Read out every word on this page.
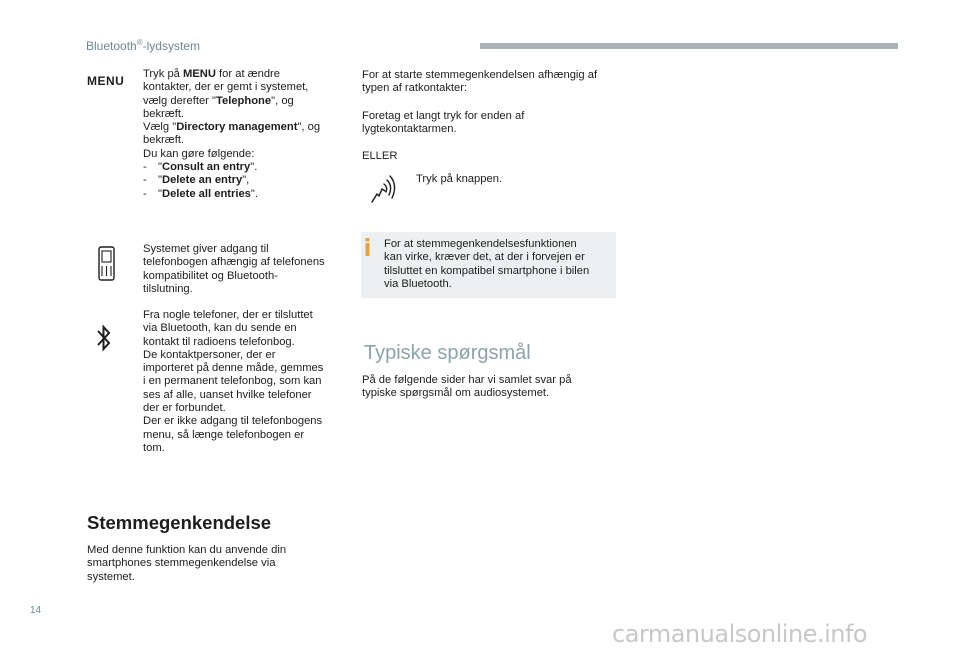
Bluetooth®-lydsystem
MENU Tryk på MENU for at ændre
kontakter, der er gemt i systemet,
vælg derefter "Telephone", og
bekræft.
Vælg "Directory management", og
bekræft.
Du kan gøre følgende:
- "Consult an entry".
- "Delete an entry",
- "Delete all entries".
Systemet giver adgang til
telefonbogen afhængig af telefonens
kompatibilitet og Bluetooth-
tilslutning.
Fra nogle telefoner, der er tilsluttet
via Bluetooth, kan du sende en
kontakt til radioens telefonbog.
De kontaktpersoner, der er
importeret på denne måde, gemmes
i en permanent telefonbog, som kan
ses af alle, uanset hvilke telefoner
der er forbundet.
Der er ikke adgang til telefonbogens
menu, så længe telefonbogen er
tom.
Stemmegenkendelse
Med denne funktion kan du anvende din
smartphones stemmegenkendelse via
systemet.
For at starte stemmegenkendelsen afhængig af
typen af ratkontakter:
Foretag et langt tryk for enden af
lygtekontaktarmen.
ELLER
Tryk på knappen.
For at stemmegenkendelsesfunktionen
kan virke, kræver det, at der i forvejen er
tilsluttet en kompatibel smartphone i bilen
via Bluetooth.
Typiske spørgsmål
På de følgende sider har vi samlet svar på
typiske spørgsmål om audiosystemet.
14
carmanualsonline.info
